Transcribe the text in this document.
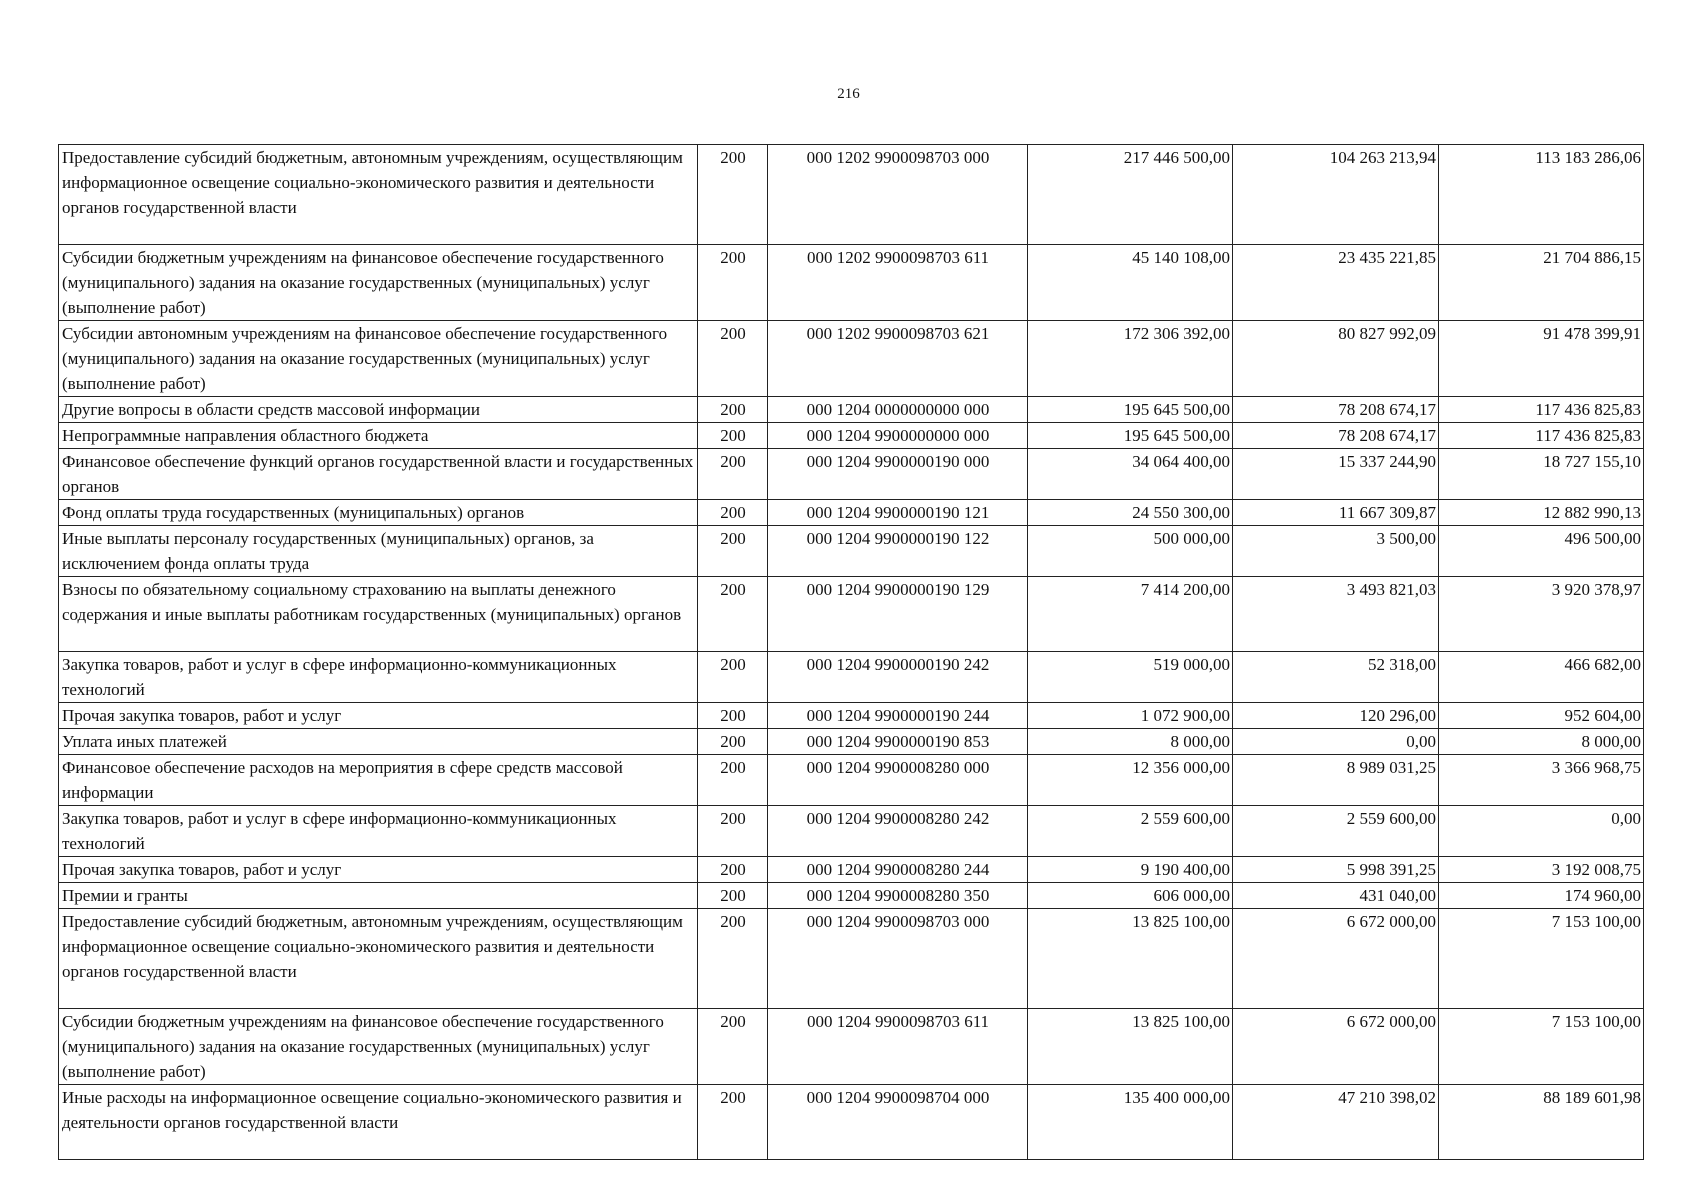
216
Предоставление субсидий бюджетным, автономным учреждениям, осуществляющим информационное освещение социально-экономического развития и деятельности органов государственной власти	200	000 1202 9900098703 000	217 446 500,00	104 263 213,94	113 183 286,06
Субсидии бюджетным учреждениям на финансовое обеспечение государственного (муниципального) задания на оказание государственных (муниципальных) услуг (выполнение работ)	200	000 1202 9900098703 611	45 140 108,00	23 435 221,85	21 704 886,15
Субсидии автономным учреждениям на финансовое обеспечение государственного (муниципального) задания на оказание государственных (муниципальных) услуг (выполнение работ)	200	000 1202 9900098703 621	172 306 392,00	80 827 992,09	91 478 399,91
Другие вопросы в области средств массовой информации	200	000 1204 0000000000 000	195 645 500,00	78 208 674,17	117 436 825,83
Непрограммные направления областного бюджета	200	000 1204 9900000000 000	195 645 500,00	78 208 674,17	117 436 825,83
Финансовое обеспечение функций органов государственной власти и государственных органов	200	000 1204 9900000190 000	34 064 400,00	15 337 244,90	18 727 155,10
Фонд оплаты труда государственных (муниципальных) органов	200	000 1204 9900000190 121	24 550 300,00	11 667 309,87	12 882 990,13
Иные выплаты персоналу государственных (муниципальных) органов, за исключением фонда оплаты труда	200	000 1204 9900000190 122	500 000,00	3 500,00	496 500,00
Взносы по обязательному социальному страхованию на выплаты денежного содержания и иные выплаты работникам государственных (муниципальных) органов	200	000 1204 9900000190 129	7 414 200,00	3 493 821,03	3 920 378,97
Закупка товаров, работ и услуг в сфере информационно-коммуникационных технологий	200	000 1204 9900000190 242	519 000,00	52 318,00	466 682,00
Прочая закупка товаров, работ и услуг	200	000 1204 9900000190 244	1 072 900,00	120 296,00	952 604,00
Уплата иных платежей	200	000 1204 9900000190 853	8 000,00	0,00	8 000,00
Финансовое обеспечение расходов на мероприятия в сфере средств массовой информации	200	000 1204 9900008280 000	12 356 000,00	8 989 031,25	3 366 968,75
Закупка товаров, работ и услуг в сфере информационно-коммуникационных технологий	200	000 1204 9900008280 242	2 559 600,00	2 559 600,00	0,00
Прочая закупка товаров, работ и услуг	200	000 1204 9900008280 244	9 190 400,00	5 998 391,25	3 192 008,75
Премии и гранты	200	000 1204 9900008280 350	606 000,00	431 040,00	174 960,00
Предоставление субсидий бюджетным, автономным учреждениям, осуществляющим информационное освещение социально-экономического развития и деятельности органов государственной власти	200	000 1204 9900098703 000	13 825 100,00	6 672 000,00	7 153 100,00
Субсидии бюджетным учреждениям на финансовое обеспечение государственного (муниципального) задания на оказание государственных (муниципальных) услуг (выполнение работ)	200	000 1204 9900098703 611	13 825 100,00	6 672 000,00	7 153 100,00
Иные расходы на информационное освещение социально-экономического развития и деятельности органов государственной власти	200	000 1204 9900098704 000	135 400 000,00	47 210 398,02	88 189 601,98
